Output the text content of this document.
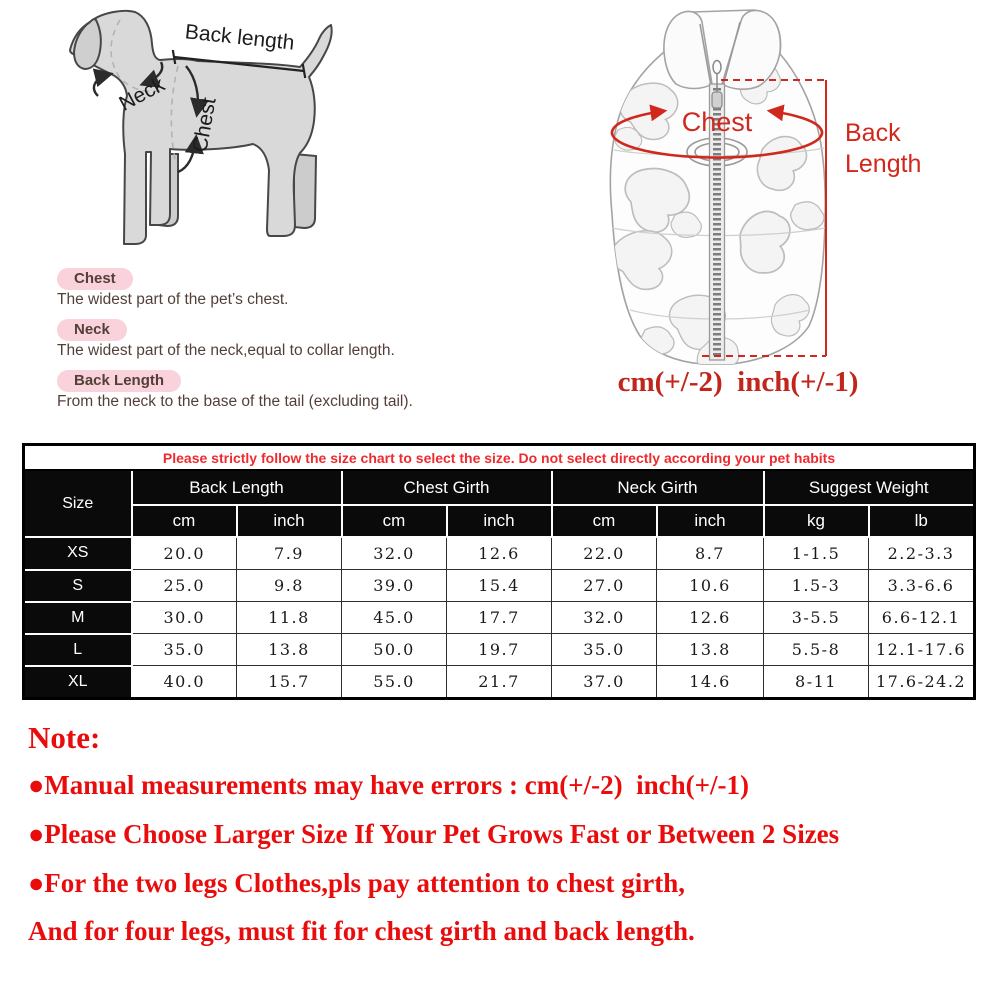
Back length
Neck
Chest
Chest
The widest part of the pet’s chest.
Neck
The widest part of the neck,equal to collar length.
Back Length
From the neck to the base of the tail (excluding tail).
Chest	Back
Length
cm(+/-2)  inch(+/-1)
Please strictly follow the size chart to select the size. Do not select directly according your pet habits								
Size	Back Length		Chest Girth		Neck Girth		Suggest Weight	
	cm	inch	cm	inch	cm	inch	kg	lb
XS	20.0	7.9	32.0	12.6	22.0	8.7	1-1.5	2.2-3.3
S	25.0	9.8	39.0	15.4	27.0	10.6	1.5-3	3.3-6.6
M	30.0	11.8	45.0	17.7	32.0	12.6	3-5.5	6.6-12.1
L	35.0	13.8	50.0	19.7	35.0	13.8	5.5-8	12.1-17.6
XL	40.0	15.7	55.0	21.7	37.0	14.6	8-11	17.6-24.2
Note:
●Manual measurements may have errors : cm(+/-2)  inch(+/-1)
●Please Choose Larger Size If Your Pet Grows Fast or Between 2 Sizes
●For the two legs Clothes,pls pay attention to chest girth,
And for four legs, must fit for chest girth and back length.
